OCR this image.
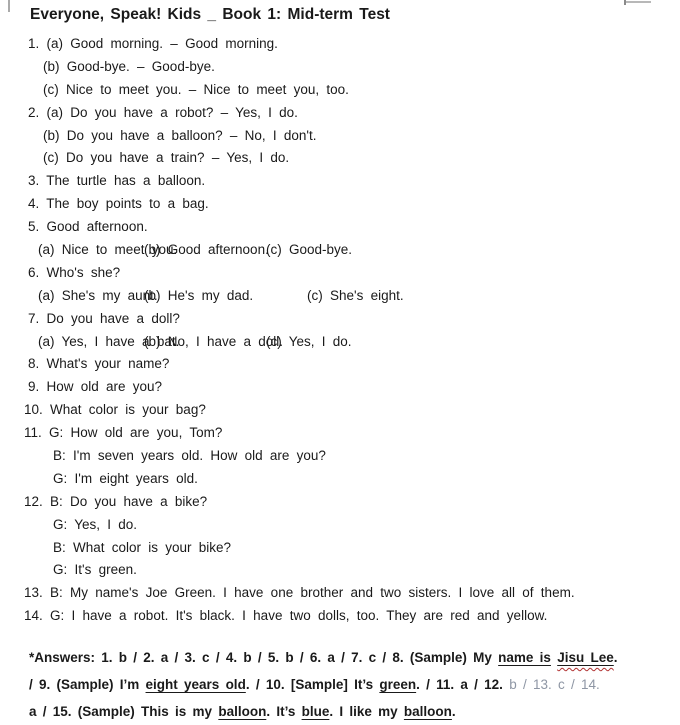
Everyone, Speak! Kids _ Book 1: Mid-term Test
1. (a) Good morning. – Good morning.
(b) Good-bye. – Good-bye.
(c) Nice to meet you. – Nice to meet you, too.
2. (a) Do you have a robot? – Yes, I do.
(b) Do you have a balloon? – No, I don't.
(c) Do you have a train? – Yes, I do.
3. The turtle has a balloon.
4. The boy points to a bag.
5. Good afternoon.

(a) Nice to meet you.

(b) Good afternoon.

(c) Good-bye.

6. Who's she?

(a) She's my aunt.

(b) He's my dad.

	(c) She's eight.

7. Do you have a doll?

(a) Yes, I have a bat.

(b) No, I have a doll.

(c) Yes, I do.

8. What's your name?
9. How old are you?
10. What color is your bag?
11. G: How old are you, Tom?
B: I'm seven years old. How old are you?
G: I'm eight years old.
12. B: Do you have a bike?
G: Yes, I do.
B: What color is your bike?
G: It's green.
13. B: My name's Joe Green. I have one brother and two sisters. I love all of them.
14. G: I have a robot. It's black. I have two dolls, too. They are red and yellow.
*Answers: 1. b / 2. a / 3. c / 4. b / 5. b / 6. a / 7. c / 8. (Sample) My name is Jisu Lee.
/ 9. (Sample) I’m eight years old. / 10. [Sample] It’s green. / 11. a / 12. b / 13. c / 14.
a / 15. (Sample) This is my balloon. It’s blue. I like my balloon.
